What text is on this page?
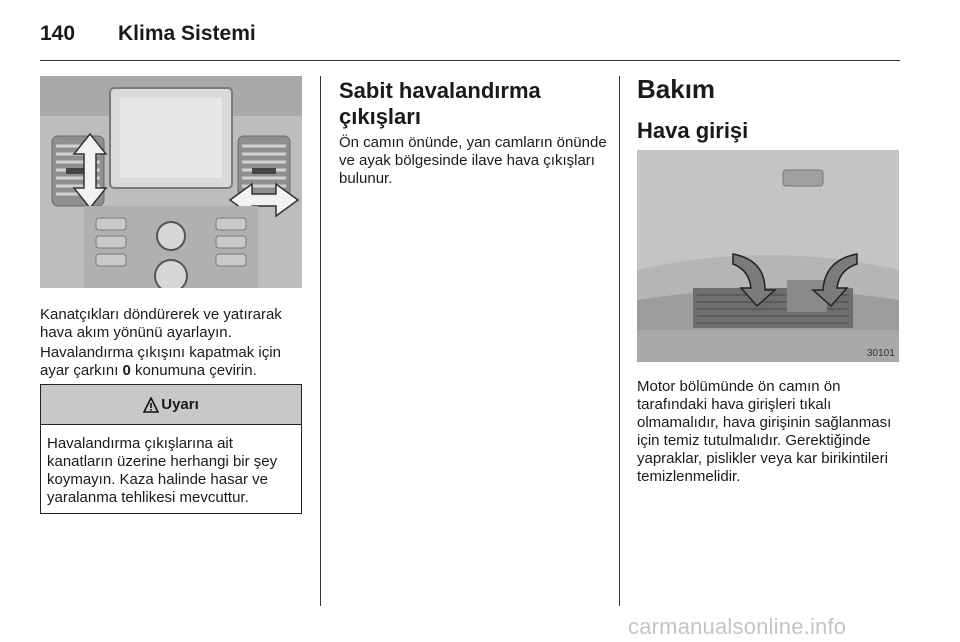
140 Klima Sistemi
Kanatçıkları döndürerek ve yatırarak hava akım yönünü ayarlayın.
Havalandırma çıkışını kapatmak için ayar çarkını 0 konumuna çevirin.
Uyarı
Havalandırma çıkışlarına ait kanatların üzerine herhangi bir şey koymayın. Kaza halinde hasar ve yaralanma tehlikesi mevcuttur.
Sabit havalandırma çıkışları
Ön camın önünde, yan camların önünde ve ayak bölgesinde ilave hava çıkışları bulunur.
Bakım
Hava girişi
30101
Motor bölümünde ön camın ön tarafındaki hava girişleri tıkalı olmamalıdır, hava girişinin sağlanması için temiz tutulmalıdır. Gerektiğinde yapraklar, pislikler veya kar birikintileri temizlenmelidir.
carmanualsonline.info
